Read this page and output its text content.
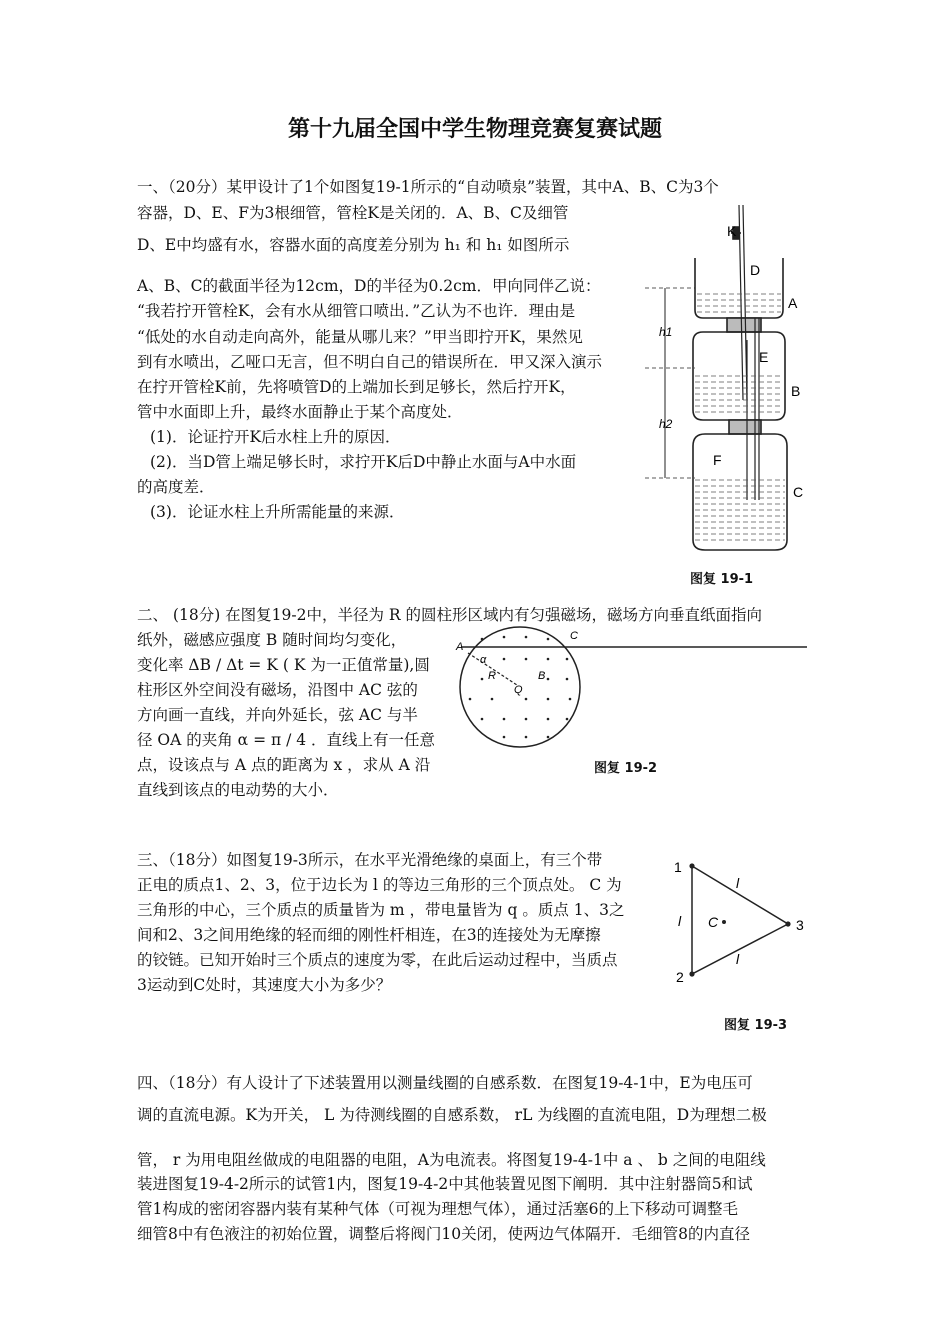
第十九届全国中学生物理竞赛复赛试题
一、（20分）某甲设计了1个如图复19-1所示的“自动喷泉”装置，其中A、B、C为3个
容器，D、E、F为3根细管，管栓K是关闭的．A、B、C及细管
D、E中均盛有水，容器水面的高度差分别为 h₁ 和 h₁ 如图所示
A、B、C的截面半径为12cm，D的半径为0.2cm．甲向同伴乙说：
“我若拧开管栓K，会有水从细管口喷出．”乙认为不也许．理由是
“低处的水自动走向高外，能量从哪儿来？”甲当即拧开K，果然见
到有水喷出，乙哑口无言，但不明白自己的错误所在．甲又深入演示
在拧开管栓K前，先将喷管D的上端加长到足够长，然后拧开K，
管中水面即上升，最终水面静止于某个高度处．
(1)．论证拧开K后水柱上升的原因．
(2)．当D管上端足够长时，求拧开K后D中静止水面与A中水面
的高度差．
(3)．论证水柱上升所需能量的来源．
K
D
A
h1
E
B
h2
F
C
图复 19-1
二、 (18分) 在图复19-2中，半径为 R 的圆柱形区域内有匀强磁场，磁场方向垂直纸面指向
纸外，磁感应强度 B 随时间均匀变化，
变化率 ΔB / Δt = K ( K 为一正值常量),圆
柱形区外空间没有磁场，沿图中 AC 弦的
方向画一直线，并向外延长，弦 AC 与半
径 OA 的夹角 α = π / 4 ．直线上有一任意
点，设该点与 A 点的距离为 x ，求从 A 沿
直线到该点的电动势的大小．
A
C
α
R
Q
B
图复 19-2
三、（18分）如图复19-3所示，在水平光滑绝缘的桌面上，有三个带
正电的质点1、2、3，位于边长为 l 的等边三角形的三个顶点处。 C 为
三角形的中心，三个质点的质量皆为 m ，带电量皆为 q 。质点 1、3之
间和2、3之间用绝缘的轻而细的刚性杆相连，在3的连接处为无摩擦
的铰链。已知开始时三个质点的速度为零，在此后运动过程中，当质点
3运动到C处时，其速度大小为多少？
1
2
3
l
l
l
C
图复 19-3
四、（18分）有人设计了下述装置用以测量线圈的自感系数．在图复19-4-1中，E为电压可
调的直流电源。K为开关， L 为待测线圈的自感系数， rL 为线圈的直流电阻，D为理想二极
管， r 为用电阻丝做成的电阻器的电阻，A为电流表。将图复19-4-1中 a 、 b 之间的电阻线
装进图复19-4-2所示的试管1内，图复19-4-2中其他装置见图下阐明．其中注射器筒5和试
管1构成的密闭容器内装有某种气体（可视为理想气体），通过活塞6的上下移动可调整毛
细管8中有色液注的初始位置，调整后将阀门10关闭，使两边气体隔开．毛细管8的内直径
